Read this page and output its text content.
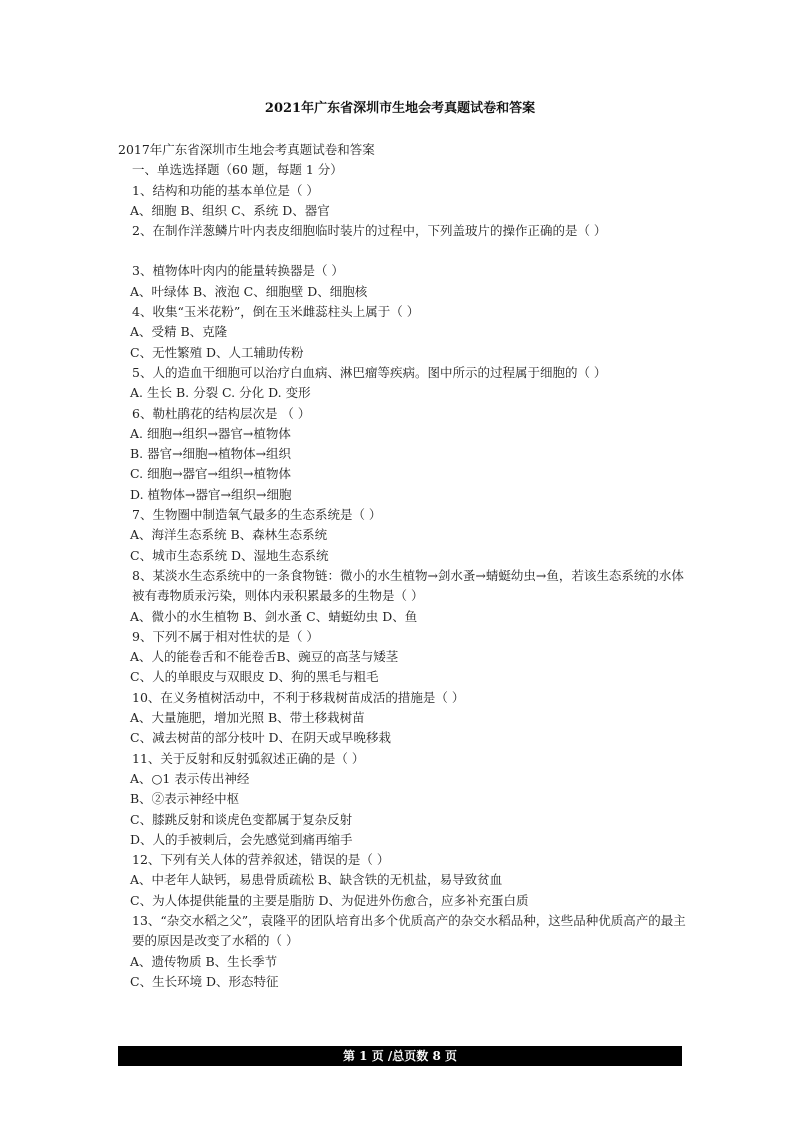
2021年广东省深圳市生地会考真题试卷和答案
2017年广东省深圳市生地会考真题试卷和答案
一、单选选择题（60 题，每题 1 分）
1、结构和功能的基本单位是（ ）
A、细胞 B、组织 C、系统 D、器官
2、在制作洋葱鳞片叶内表皮细胞临时装片的过程中，下列盖玻片的操作正确的是（ ）
3、植物体叶肉内的能量转换器是（ ）
A、叶绿体 B、液泡 C、细胞壁 D、细胞核
4、收集“玉米花粉”，倒在玉米雌蕊柱头上属于（ ）
A、受精 B、克隆
C、无性繁殖 D、人工辅助传粉
5、人的造血干细胞可以治疗白血病、淋巴瘤等疾病。图中所示的过程属于细胞的（ ）
A. 生长 B. 分裂 C. 分化 D. 变形
6、勒杜鹃花的结构层次是 （ ）
A. 细胞→组织→器官→植物体
B. 器官→细胞→植物体→组织
C. 细胞→器官→组织→植物体
D. 植物体→器官→组织→细胞
7、生物圈中制造氧气最多的生态系统是（ ）
A、海洋生态系统 B、森林生态系统
C、城市生态系统 D、湿地生态系统
8、某淡水生态系统中的一条食物链：微小的水生植物→剑水蚤→蜻蜓幼虫→鱼，若该生态系统的水体被有毒物质汞污染，则体内汞积累最多的生物是（ ）
A、微小的水生植物 B、剑水蚤 C、蜻蜓幼虫 D、鱼
9、下列不属于相对性状的是（ ）
A、人的能卷舌和不能卷舌B、豌豆的高茎与矮茎
C、人的单眼皮与双眼皮 D、狗的黑毛与粗毛
10、在义务植树活动中，不利于移栽树苗成活的措施是（ ）
A、大量施肥，增加光照 B、带土移栽树苗
C、减去树苗的部分枝叶 D、在阴天或早晚移栽
11、关于反射和反射弧叙述正确的是（ ）
A、○1 表示传出神经
B、②表示神经中枢
C、膝跳反射和谈虎色变都属于复杂反射
D、人的手被刺后，会先感觉到痛再缩手
12、下列有关人体的营养叙述，错误的是（ ）
A、中老年人缺钙，易患骨质疏松 B、缺含铁的无机盐，易导致贫血
C、为人体提供能量的主要是脂肪 D、为促进外伤愈合，应多补充蛋白质
13、“杂交水稻之父”，袁隆平的团队培育出多个优质高产的杂交水稻品种，这些品种优质高产的最主要的原因是改变了水稻的（ ）
A、遗传物质 B、生长季节
C、生长环境 D、形态特征
第 1 页 /总页数 8 页
